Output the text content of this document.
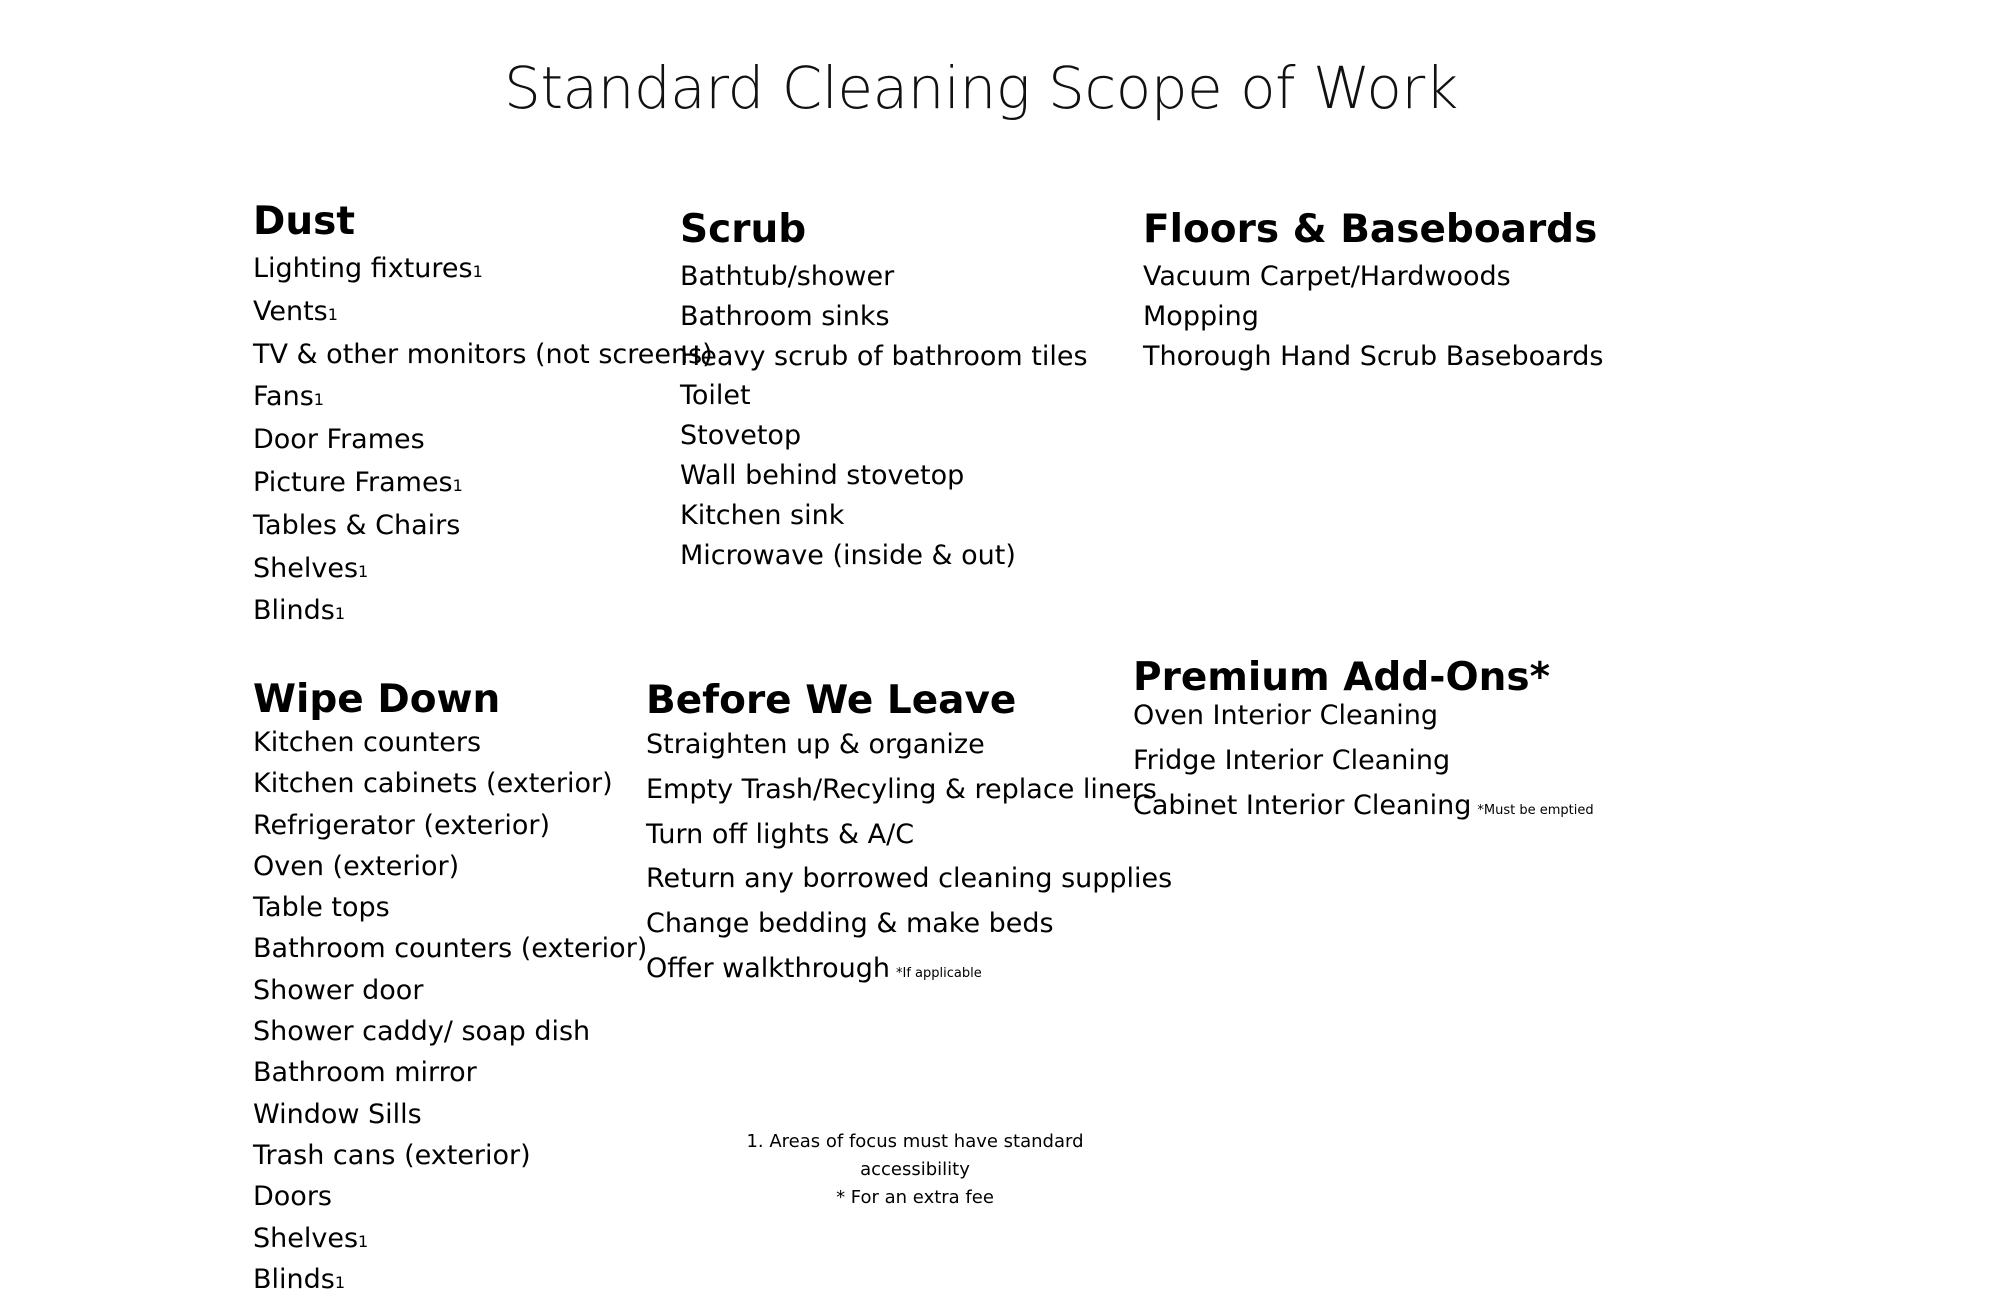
Standard Cleaning Scope of Work
Dust
Lighting fixtures1
Vents1
TV & other monitors (not screens)
Fans1
Door Frames
Picture Frames1
Tables & Chairs
Shelves1
Blinds1
Scrub
Bathtub/shower
Bathroom sinks
Heavy scrub of bathroom tiles
Toilet
Stovetop
Wall behind stovetop
Kitchen sink
Microwave (inside & out)
Floors & Baseboards
Vacuum Carpet/Hardwoods
Mopping
Thorough Hand Scrub Baseboards
Wipe Down
Kitchen counters
Kitchen cabinets (exterior)
Refrigerator (exterior)
Oven (exterior)
Table tops
Bathroom counters (exterior)
Shower door
Shower caddy/ soap dish
Bathroom mirror
Window Sills
Trash cans (exterior)
Doors
Shelves1
Blinds1
Before We Leave
Straighten up & organize
Empty Trash/Recyling & replace liners
Turn off lights & A/C
Return any borrowed cleaning supplies
Change bedding & make beds
Offer walkthrough *If applicable
Premium Add-Ons*
Oven Interior Cleaning
Fridge Interior Cleaning
Cabinet Interior Cleaning *Must be emptied
1. Areas of focus must have standard accessibility
* For an extra fee
